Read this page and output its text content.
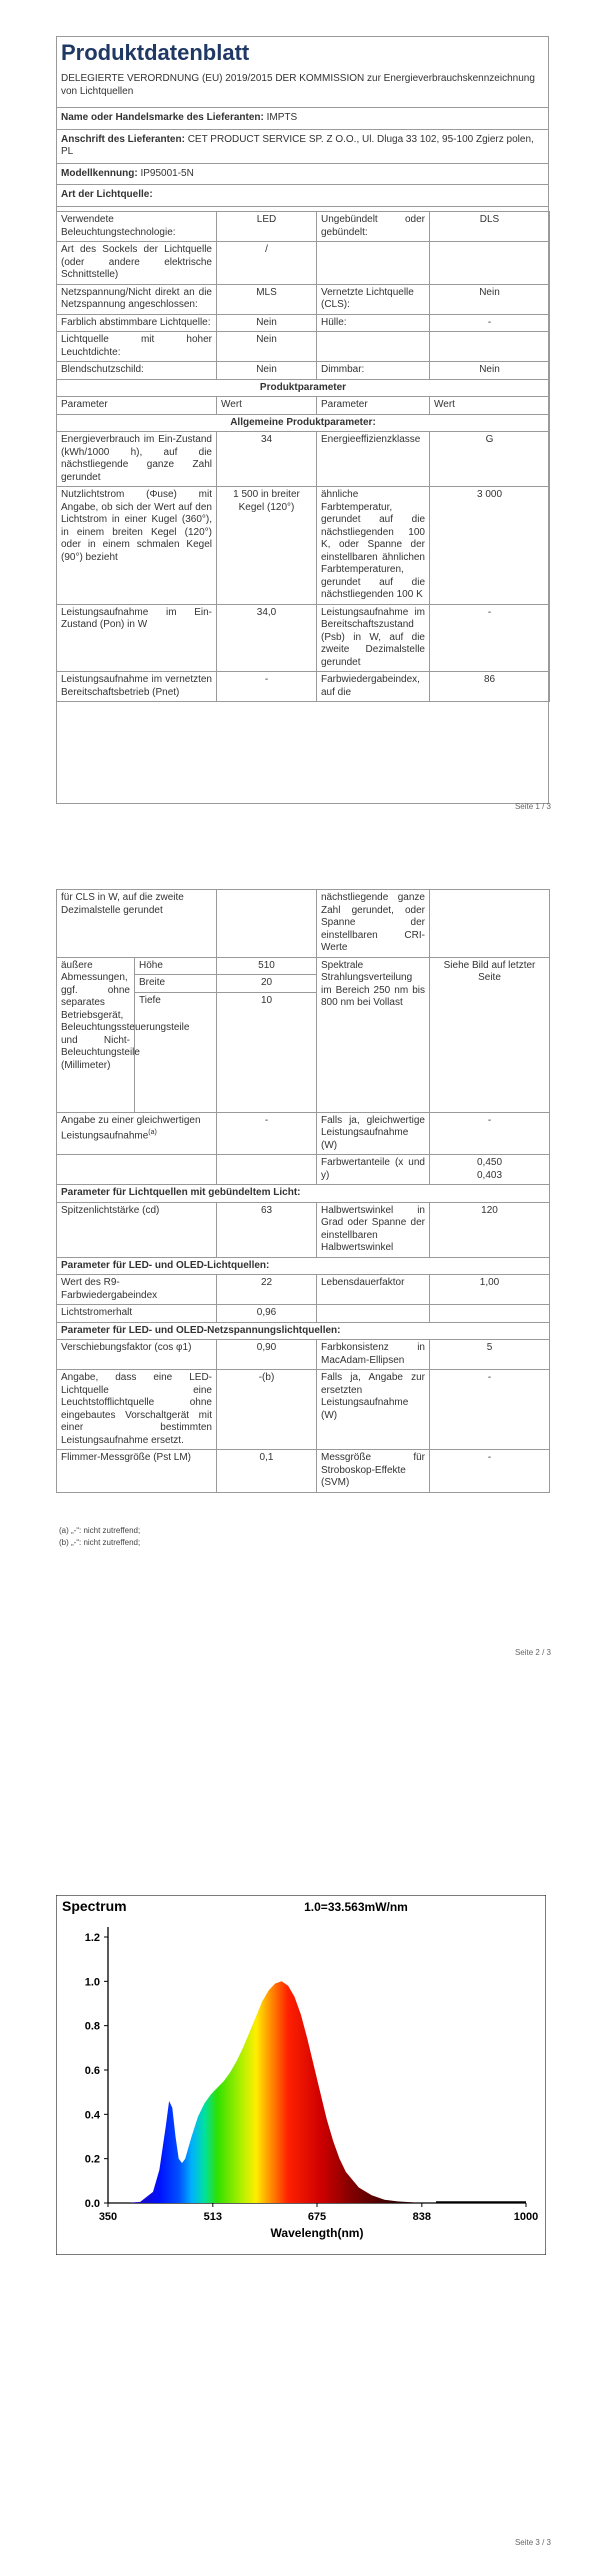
Produktdatenblatt
DELEGIERTE VERORDNUNG (EU) 2019/2015 DER KOMMISSION zur Energieverbrauchskennzeichnung von Lichtquellen
Name oder Handelsmarke des Lieferanten: IMPTS
Anschrift des Lieferanten: CET PRODUCT SERVICE SP. Z O.O., Ul. Dluga 33 102, 95-100 Zgierz polen, PL
Modellkennung: IP95001-5N
Art der Lichtquelle:
Verwendete Beleuchtungstechnologie:	LED	Ungebündelt oder gebündelt:	DLS
Art des Sockels der Lichtquelle (oder andere elektrische Schnittstelle)	/		
Netzspannung/Nicht direkt an die Netzspannung angeschlossen:	MLS	Vernetzte Lichtquelle (CLS):	Nein
Farblich abstimmbare Lichtquelle:	Nein	Hülle:	-
Lichtquelle mit hoher Leuchtdichte:	Nein		
Blendschutzschild:	Nein	Dimmbar:	Nein
Produktparameter			
Parameter	Wert	Parameter	Wert
Allgemeine Produktparameter:			
Energieverbrauch im Ein-Zustand (kWh/1000 h), auf die nächstliegende ganze Zahl gerundet	34	Energieeffizienzklasse	G
Nutzlichtstrom (Φuse) mit Angabe, ob sich der Wert auf den Lichtstrom in einer Kugel (360°), in einem breiten Kegel (120°) oder in einem schmalen Kegel (90°) bezieht	1 500 in breiter Kegel (120°)	ähnliche Farbtemperatur, gerundet auf die nächstliegenden 100 K, oder Spanne der einstellbaren ähnlichen Farbtemperaturen, gerundet auf die nächstliegenden 100 K	3 000
Leistungsaufnahme im Ein-Zustand (Pon) in W	34,0	Leistungsaufnahme im Bereitschaftszustand (Psb) in W, auf die zweite Dezimalstelle gerundet	-
Leistungsaufnahme im vernetzten Bereitschaftsbetrieb (Pnet)	-	Farbwiedergabeindex, auf die	86
Seite 1 / 3
für CLS in W, auf die zweite Dezimalstelle gerundet			nächstliegende ganze Zahl gerundet, oder Spanne der einstellbaren CRI-Werte	
äußere Abmessungen, ggf. ohne separates Betriebsgerät, Beleuchtungssteuerungsteile und Nicht-Beleuchtungsteile (Millimeter)	Höhe	510	Spektrale Strahlungsverteilung im Bereich 250 nm bis 800 nm bei Vollast	Siehe Bild auf letzter Seite
	Breite	20		
	Tiefe	10		
Angabe zu einer gleichwertigen Leistungsaufnahme$^{(a)}$		-	Falls ja, gleichwertige Leistungsaufnahme (W)	-
			Farbwertanteile (x und y)	0,450
0,403
Parameter für Lichtquellen mit gebündeltem Licht:				
Spitzenlichtstärke (cd)		63	Halbwertswinkel in Grad oder Spanne der einstellbaren Halbwertswinkel	120
Parameter für LED- und OLED-Lichtquellen:				
Wert des R9-Farbwiedergabeindex		22	Lebensdauerfaktor	1,00
Lichtstromerhalt		0,96		
Parameter für LED- und OLED-Netzspannungslichtquellen:				
Verschiebungsfaktor (cos φ1)		0,90	Farbkonsistenz in MacAdam-Ellipsen	5
Angabe, dass eine LED-Lichtquelle eine Leuchtstofflichtquelle ohne eingebautes Vorschaltgerät mit einer bestimmten Leistungsaufnahme ersetzt.		-(b)	Falls ja, Angabe zur ersetzten Leistungsaufnahme (W)	-
Flimmer-Messgröße (Pst LM)		0,1	Messgröße für Stroboskop-Effekte (SVM)	-
(a) „-“: nicht zutreffend;
(b) „-“: nicht zutreffend;
Seite 2 / 3
0.0
0.2
0.4
0.6
0.8
1.0
1.2
350	513	675	838	1000
Spectrum	1.0=33.563mW/nm
Wavelength(nm)
Seite 3 / 3
